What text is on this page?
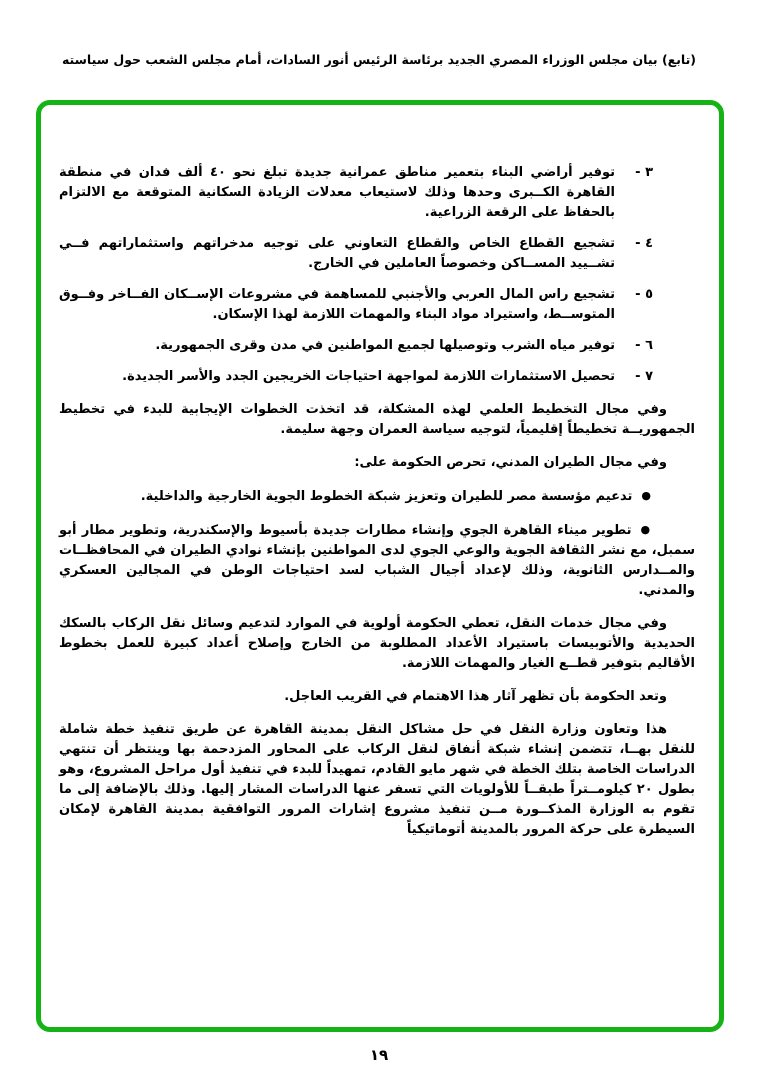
(تابع) بيان مجلس الوزراء المصري الجديد برئاسة الرئيس أنور السادات، أمام مجلس الشعب حول سياسته
٣ -
توفير أراضي البناء بتعمير مناطق عمرانية جديدة تبلغ نحو ٤٠ ألف فدان في منطقة القاهرة الكــبرى وحدها وذلك لاستيعاب معدلات الزيادة السكانية المتوقعة مع الالتزام بالحفاظ على الرقعة الزراعية.
٤ -
تشجيع القطاع الخاص والقطاع التعاوني على توجيه مدخراتهم واستثماراتهم فــي تشــييد المســاكن وخصوصاً العاملين في الخارج.
٥ -
تشجيع راس المال العربي والأجنبي للمساهمة في مشروعات الإســكان الفــاخر وفــوق المتوســط، واستيراد مواد البناء والمهمات اللازمة لهذا الإسكان.
٦ -
توفير مياه الشرب وتوصيلها لجميع المواطنين في مدن وقرى الجمهورية.
٧ -
تحصيل الاستثمارات اللازمة لمواجهة احتياجات الخريجين الجدد والأسر الجديدة.

وفي مجال التخطيط العلمي لهذه المشكلة، قد اتخذت الخطوات الإيجابية للبدء في تخطيط الجمهوريــة تخطيطاً إقليمياً، لتوجيه سياسة العمران وجهة سليمة.

وفي مجال الطيران المدني، تحرص الحكومة على:

●تدعيم مؤسسة مصر للطيران وتعزيز شبكة الخطوط الجوية الخارجية والداخلية.

●تطوير ميناء القاهرة الجوي وإنشاء مطارات جديدة بأسيوط والإسكندرية، وتطوير مطار أبو سمبل، مع نشر الثقافة الجوية والوعي الجوي لدى المواطنين بإنشاء نوادي الطيران في المحافظــات والمــدارس الثانوية، وذلك لإعداد أجيال الشباب لسد احتياجات الوطن في المجالين العسكري والمدني.

وفي مجال خدمات النقل، تعطي الحكومة أولوية في الموارد لتدعيم وسائل نقل الركاب بالسكك الحديدية والأتوبيسات باستيراد الأعداد المطلوبة من الخارج وإصلاح أعداد كبيرة للعمل بخطوط الأقاليم بتوفير قطــع الغيار والمهمات اللازمة.

وتعد الحكومة بأن تظهر آثار هذا الاهتمام في القريب العاجل.

هذا وتعاون وزارة النقل في حل مشاكل النقل بمدينة القاهرة عن طريق تنفيذ خطة شاملة للنقل بهــا، تتضمن إنشاء شبكة أنفاق لنقل الركاب على المحاور المزدحمة بها وينتظر أن تنتهي الدراسات الخاصة بتلك الخطة في شهر مايو القادم، تمهيداً للبدء في تنفيذ أول مراحل المشروع، وهو بطول ٢٠ كيلومــتراً طبقــاً للأولويات التي تسفر عنها الدراسات المشار إليها. وذلك بالإضافة إلى ما تقوم به الوزارة المذكــورة مــن تنفيذ مشروع إشارات المرور التوافقية بمدينة القاهرة لإمكان السيطرة على حركة المرور بالمدينة أتوماتيكياً

١٩
